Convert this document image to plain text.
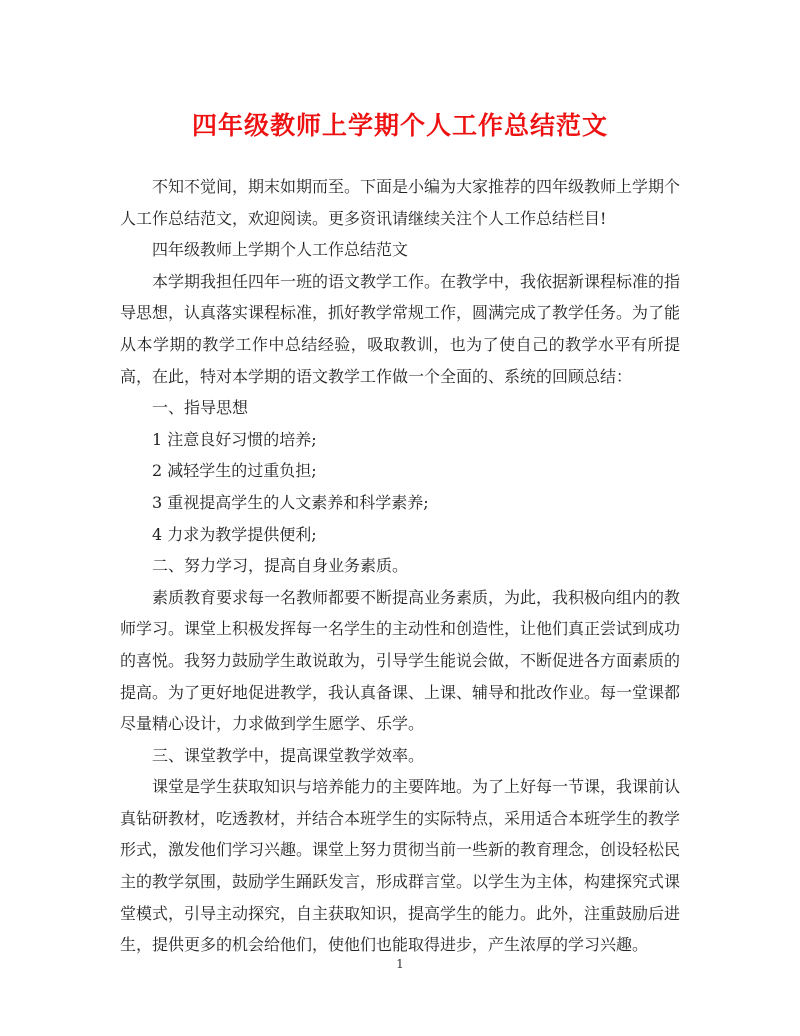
四年级教师上学期个人工作总结范文

不知不觉间，期末如期而至。下面是小编为大家推荐的四年级教师上学期个人工作总结范文，欢迎阅读。更多资讯请继续关注个人工作总结栏目!

四年级教师上学期个人工作总结范文

本学期我担任四年一班的语文教学工作。在教学中，我依据新课程标准的指导思想，认真落实课程标准，抓好教学常规工作，圆满完成了教学任务。为了能从本学期的教学工作中总结经验，吸取教训，也为了使自己的教学水平有所提高，在此，特对本学期的语文教学工作做一个全面的、系统的回顾总结：

一、指导思想

1 注意良好习惯的培养;

2 减轻学生的过重负担;

3 重视提高学生的人文素养和科学素养;

4 力求为教学提供便利;

二、努力学习，提高自身业务素质。

素质教育要求每一名教师都要不断提高业务素质，为此，我积极向组内的教师学习。课堂上积极发挥每一名学生的主动性和创造性，让他们真正尝试到成功的喜悦。我努力鼓励学生敢说敢为，引导学生能说会做，不断促进各方面素质的提高。为了更好地促进教学，我认真备课、上课、辅导和批改作业。每一堂课都尽量精心设计，力求做到学生愿学、乐学。

三、课堂教学中，提高课堂教学效率。

课堂是学生获取知识与培养能力的主要阵地。为了上好每一节课，我课前认真钻研教材，吃透教材，并结合本班学生的实际特点，采用适合本班学生的教学形式，激发他们学习兴趣。课堂上努力贯彻当前一些新的教育理念，创设轻松民主的教学氛围，鼓励学生踊跃发言，形成群言堂。以学生为主体，构建探究式课堂模式，引导主动探究，自主获取知识，提高学生的能力。此外，注重鼓励后进生，提供更多的机会给他们，使他们也能取得进步，产生浓厚的学习兴趣。

1
